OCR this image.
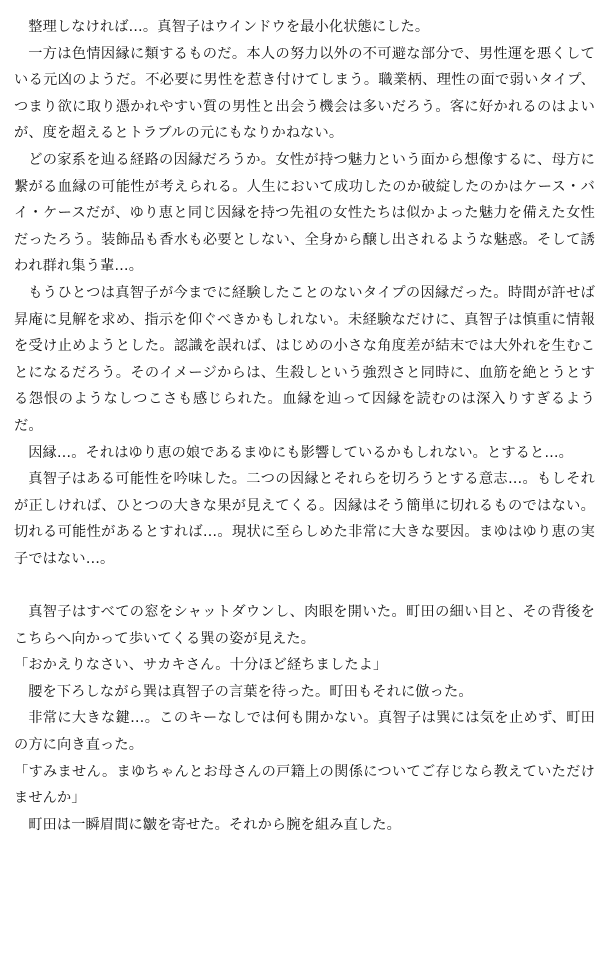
整理しなければ…。真智子はウインドウを最小化状態にした。

一方は色情因縁に類するものだ。本人の努力以外の不可避な部分で、男性運を悪くしている元凶のようだ。不必要に男性を惹き付けてしまう。職業柄、理性の面で弱いタイプ、つまり欲に取り憑かれやすい質の男性と出会う機会は多いだろう。客に好かれるのはよいが、度を超えるとトラブルの元にもなりかねない。

どの家系を辿る経路の因縁だろうか。女性が持つ魅力という面から想像するに、母方に繋がる血縁の可能性が考えられる。人生において成功したのか破綻したのかはケース・バイ・ケースだが、ゆり恵と同じ因縁を持つ先祖の女性たちは似かよった魅力を備えた女性だったろう。装飾品も香水も必要としない、全身から醸し出されるような魅惑。そして誘われ群れ集う輩…。

もうひとつは真智子が今までに経験したことのないタイプの因縁だった。時間が許せば昇庵に見解を求め、指示を仰ぐべきかもしれない。未経験なだけに、真智子は慎重に情報を受け止めようとした。認識を誤れば、はじめの小さな角度差が結末では大外れを生むことになるだろう。そのイメージからは、生殺しという強烈さと同時に、血筋を絶とうとする怨恨のようなしつこさも感じられた。血縁を辿って因縁を読むのは深入りすぎるようだ。

因縁…。それはゆり恵の娘であるまゆにも影響しているかもしれない。とすると…。

真智子はある可能性を吟味した。二つの因縁とそれらを切ろうとする意志…。もしそれが正しければ、ひとつの大きな果が見えてくる。因縁はそう簡単に切れるものではない。切れる可能性があるとすれば…。現状に至らしめた非常に大きな要因。まゆはゆり恵の実子ではない…。

真智子はすべての窓をシャットダウンし、肉眼を開いた。町田の細い目と、その背後をこちらへ向かって歩いてくる巽の姿が見えた。

「おかえりなさい、サカキさん。十分ほど経ちましたよ」

腰を下ろしながら巽は真智子の言葉を待った。町田もそれに倣った。

非常に大きな鍵…。このキーなしでは何も開かない。真智子は巽には気を止めず、町田の方に向き直った。

「すみません。まゆちゃんとお母さんの戸籍上の関係についてご存じなら教えていただけませんか」

町田は一瞬眉間に皺を寄せた。それから腕を組み直した。
